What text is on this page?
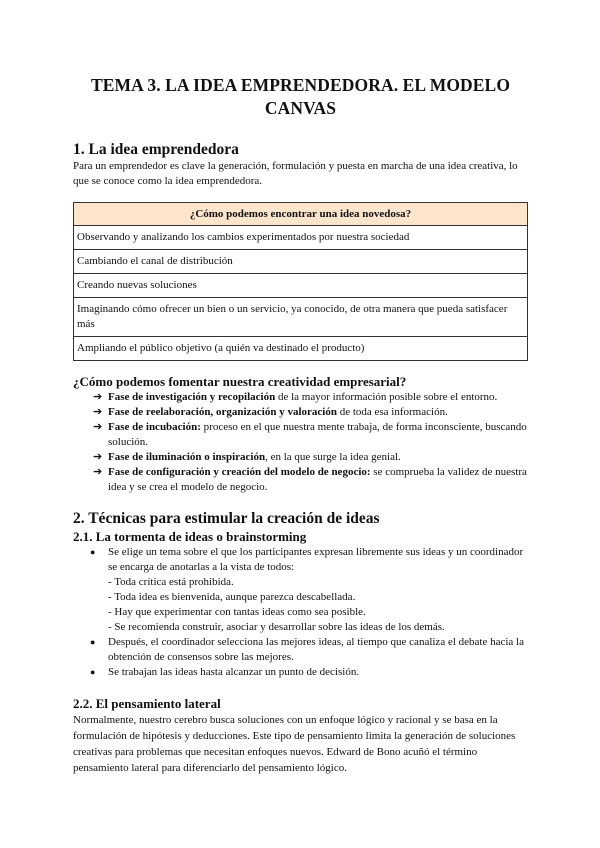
TEMA 3. LA IDEA EMPRENDEDORA. EL MODELO CANVAS
1. La idea emprendedora

Para un emprendedor es clave la generación, formulación y puesta en marcha de una idea creativa, lo que se conoce como la idea emprendedora.

¿Cómo podemos encontrar una idea novedosa?
Observando y analizando los cambios experimentados por nuestra sociedad
Cambiando el canal de distribución
Creando nuevas soluciones
Imaginando cómo ofrecer un bien o un servicio, ya conocido, de otra manera que pueda satisfacer más
Ampliando el público objetivo (a quién va destinado el producto)
¿Cómo podemos fomentar nuestra creatividad empresarial?
➔ Fase de investigación y recopilación de la mayor información posible sobre el entorno.
➔ Fase de reelaboración, organización y valoración de toda esa información.
➔ Fase de incubación: proceso en el que nuestra mente trabaja, de forma inconsciente, buscando solución.
➔ Fase de iluminación o inspiración, en la que surge la idea genial.
➔ Fase de configuración y creación del modelo de negocio: se comprueba la validez de nuestra idea y se crea el modelo de negocio.
2. Técnicas para estimular la creación de ideas
2.1. La tormenta de ideas o brainstorming
● Se elige un tema sobre el que los participantes expresan libremente sus ideas y un coordinador se encarga de anotarlas a la vista de todos:
- Toda crítica está prohibida.
- Toda idea es bienvenida, aunque parezca descabellada.
- Hay que experimentar con tantas ideas como sea posible.
- Se recomienda construir, asociar y desarrollar sobre las ideas de los demás.
● Después, el coordinador selecciona las mejores ideas, al tiempo que canaliza el debate hacia la obtención de consensos sobre las mejores.
● Se trabajan las ideas hasta alcanzar un punto de decisión.
2.2. El pensamiento lateral

Normalmente, nuestro cerebro busca soluciones con un enfoque lógico y racional y se basa en la formulación de hipótesis y deducciones. Este tipo de pensamiento limita la generación de soluciones creativas para problemas que necesitan enfoques nuevos. Edward de Bono acuñó el término pensamiento lateral para diferenciarlo del pensamiento lógico.
